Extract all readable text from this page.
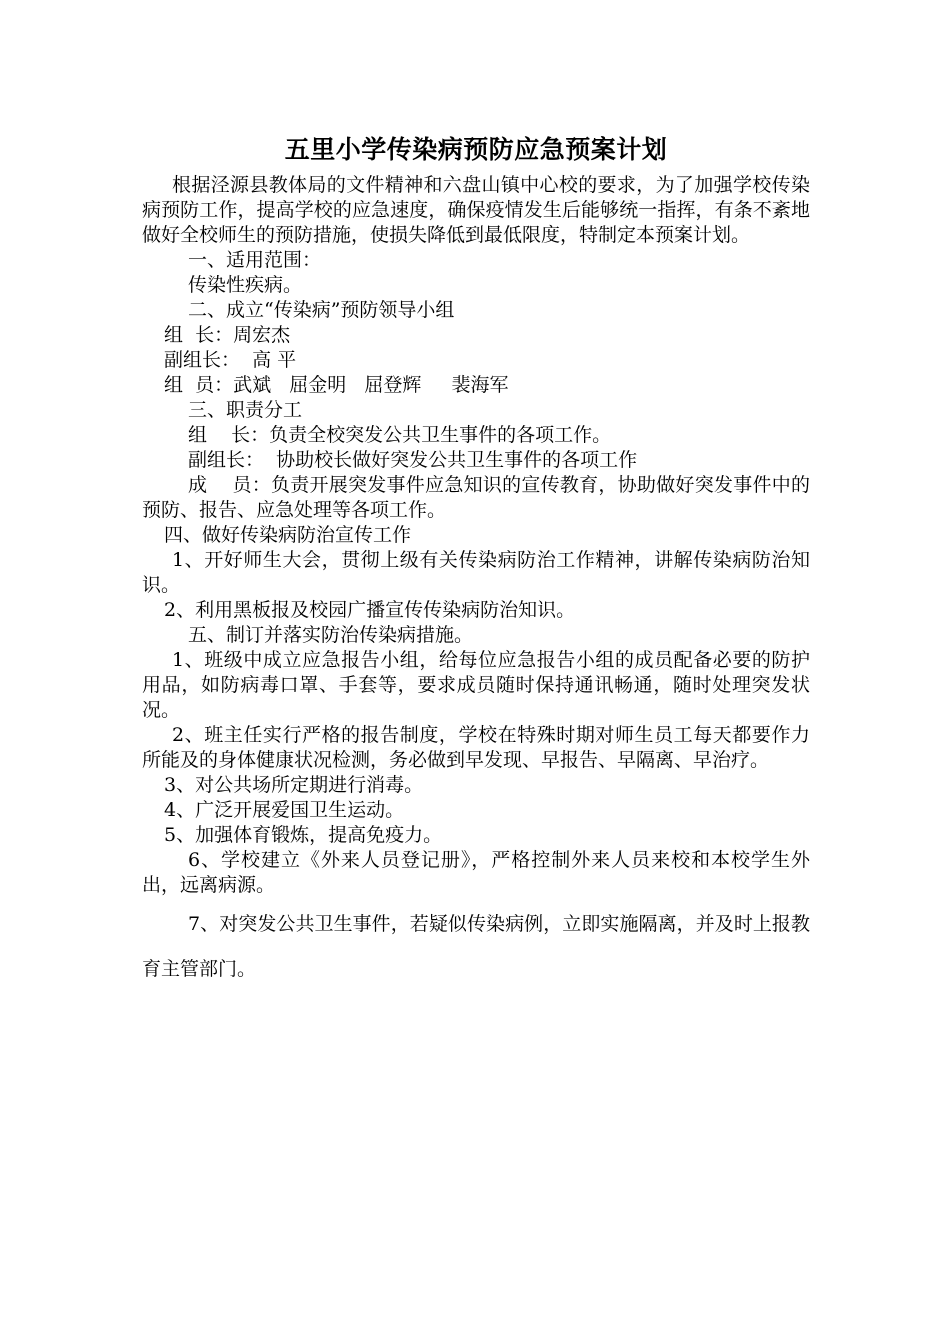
五里小学传染病预防应急预案计划

根据泾源县教体局的文件精神和六盘山镇中心校的要求，为了加强学校传染病预防工作，提高学校的应急速度，确保疫情发生后能够统一指挥，有条不紊地做好全校师生的预防措施，使损失降低到最低限度，特制定本预案计划。

一、适用范围：

传染性疾病。

二、成立“传染病”预防领导小组

组  长：周宏杰

副组长：  高 平

组  员：武斌   屈金明   屈登辉     裴海军

三、职责分工

组    长：负责全校突发公共卫生事件的各项工作。

副组长：  协助校长做好突发公共卫生事件的各项工作

成    员：负责开展突发事件应急知识的宣传教育，协助做好突发事件中的预防、报告、应急处理等各项工作。

四、做好传染病防治宣传工作

1、开好师生大会，贯彻上级有关传染病防治工作精神，讲解传染病防治知识。

2、利用黑板报及校园广播宣传传染病防治知识。

五、制订并落实防治传染病措施。

1、班级中成立应急报告小组，给每位应急报告小组的成员配备必要的防护用品，如防病毒口罩、手套等，要求成员随时保持通讯畅通，随时处理突发状况。

2、班主任实行严格的报告制度，学校在特殊时期对师生员工每天都要作力所能及的身体健康状况检测，务必做到早发现、早报告、早隔离、早治疗。

3、对公共场所定期进行消毒。

4、广泛开展爱国卫生运动。

5、加强体育锻炼，提高免疫力。

6、学校建立《外来人员登记册》，严格控制外来人员来校和本校学生外出，远离病源。

7、对突发公共卫生事件，若疑似传染病例，立即实施隔离，并及时上报教育主管部门。
